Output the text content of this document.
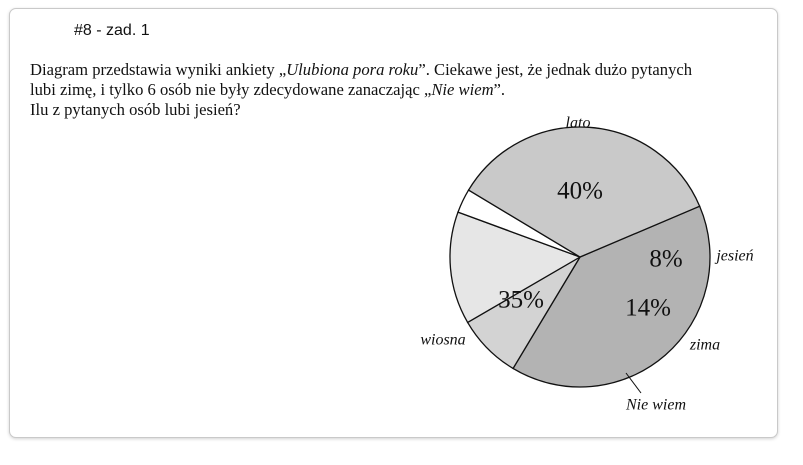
#8 - zad. 1

Diagram przedstawia wyniki ankiety „Ulubiona pora roku”. Ciekawe jest, że jednak dużo pytanych

lubi zimę, i tylko 6 osób nie były zdecydowane zanaczając „Nie wiem”.

Ilu z pytanych osób lubi jesień?

40%
lato
8% jesień
14%
zima
Nie wiem
35%
wiosna
